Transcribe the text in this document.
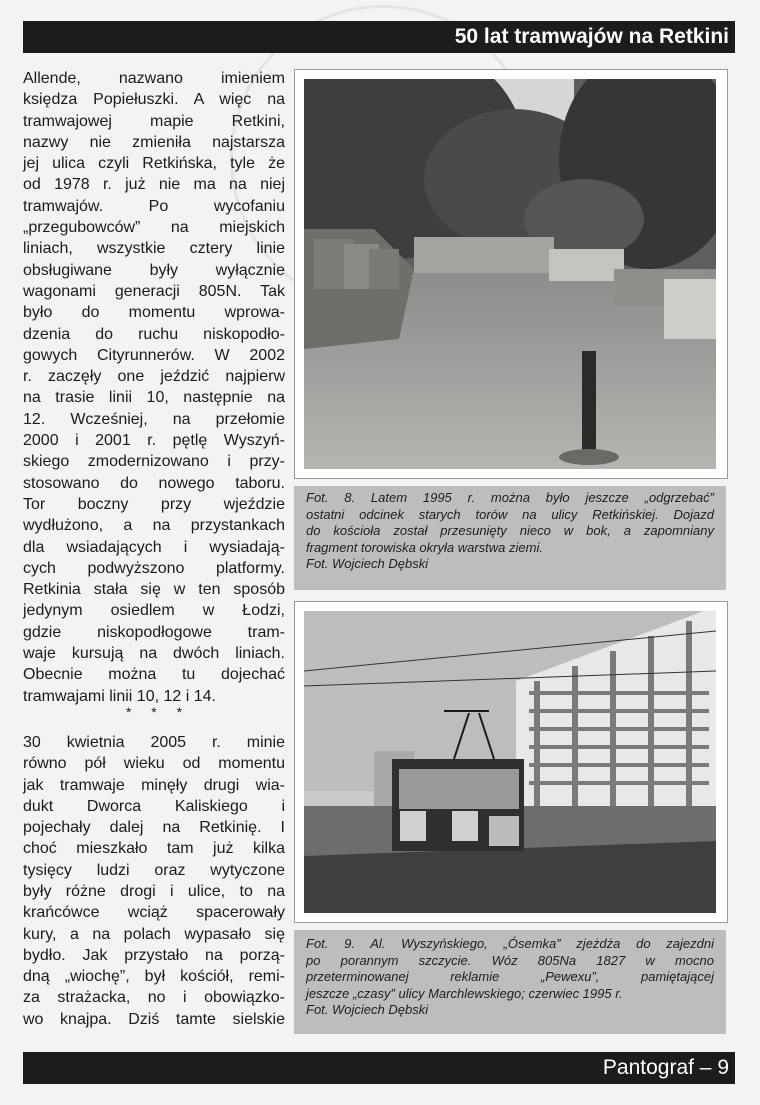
50 lat tramwajów na Retkini
Allende, nazwano imieniem
księdza Popiełuszki. A więc na
tramwajowej mapie Retkini,
nazwy nie zmieniła najstarsza
jej ulica czyli Retkińska, tyle że
od 1978 r. już nie ma na niej
tramwajów. Po wycofaniu
„przegubowców” na miejskich
liniach, wszystkie cztery linie
obsługiwane były wyłącznie
wagonami generacji 805N. Tak
było do momentu wprowa-
dzenia do ruchu niskopodło-
gowych Cityrunnerów. W 2002
r. zaczęły one jeździć najpierw
na trasie linii 10, następnie na
12. Wcześniej, na przełomie
2000 i 2001 r. pętlę Wyszyń-
skiego zmodernizowano i przy-
stosowano do nowego taboru.
Tor boczny przy wjeździe
wydłużono, a na przystankach
dla wsiadających i wysiadają-
cych podwyższono platformy.
Retkinia stała się w ten sposób
jedynym osiedlem w Łodzi,
gdzie niskopodłogowe tram-
waje kursują na dwóch liniach.
Obecnie można tu dojechać
tramwajami linii 10, 12 i 14.
* * *
30 kwietnia 2005 r. minie
równo pół wieku od momentu
jak tramwaje minęły drugi wia-
dukt Dworca Kaliskiego i
pojechały dalej na Retkinię. I
choć mieszkało tam już kilka
tysięcy ludzi oraz wytyczone
były różne drogi i ulice, to na
krańcówce wciąż spacerowały
kury, a na polach wypasało się
bydło. Jak przystało na porzą-
dną „wiochę”, był kościół, remi-
za strażacka, no i obowiązko-
wo knajpa. Dziś tamte sielskie
Fot. 8. Latem 1995 r. można było jeszcze „odgrzebać”
ostatni odcinek starych torów na ulicy Retkińskiej. Dojazd
do kościoła został przesunięty nieco w bok, a zapomniany
fragment torowiska okryła warstwa ziemi.
Fot. Wojciech Dębski
Fot. 9. Al. Wyszyńskiego, „Ósemka” zjeżdża do zajezdni
po porannym szczycie. Wóz 805Na 1827 w mocno
przeterminowanej reklamie „Pewexu”, pamiętającej
jeszcze „czasy” ulicy Marchlewskiego; czerwiec 1995 r.
Fot. Wojciech Dębski
Pantograf – 9
